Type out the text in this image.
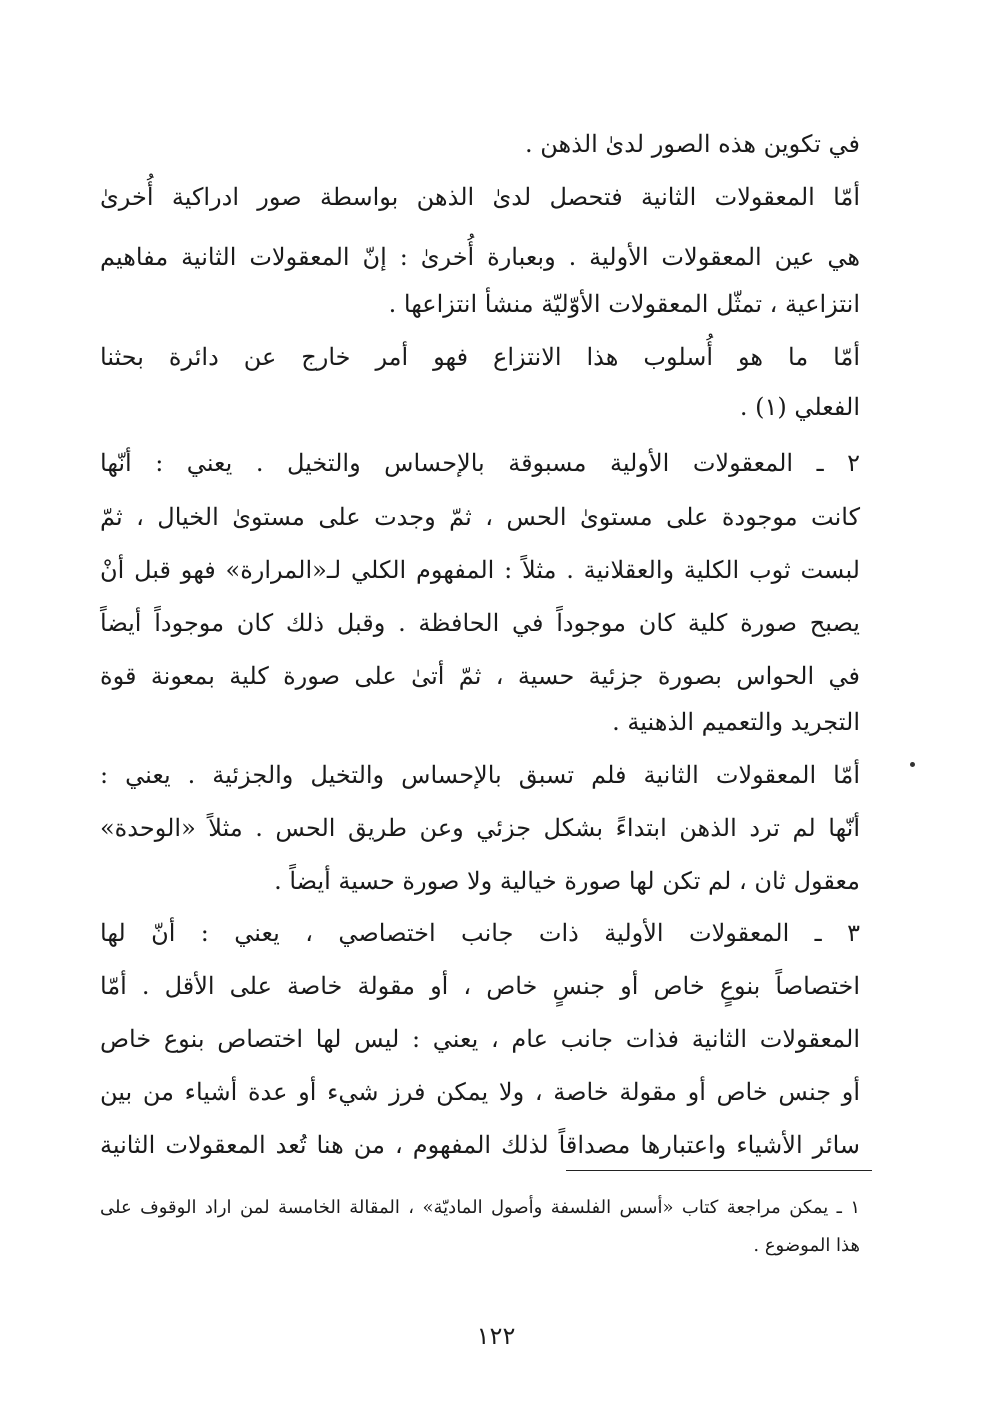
في تكوين هذه الصور لدىٰ الذهن .
أمّا المعقولات الثانية فتحصل لدىٰ الذهن بواسطة صور ادراكية أُخرىٰ
هي عين المعقولات الأولية . وبعبارة أُخرىٰ : إنّ المعقولات الثانية مفاهيم
انتزاعية ، تمثّل المعقولات الأوّليّة منشأ انتزاعها .
أمّا ما هو أُسلوب هذا الانتزاع فهو أمر خارج عن دائرة بحثنا
الفعلي (١) .
٢ ـ المعقولات الأولية مسبوقة بالإحساس والتخيل . يعني : أنّها
كانت موجودة على مستوىٰ الحس ، ثمّ وجدت على مستوىٰ الخيال ، ثمّ
لبست ثوب الكلية والعقلانية . مثلاً : المفهوم الكلي لـ«المرارة» فهو قبل أنْ
يصبح صورة كلية كان موجوداً في الحافظة . وقبل ذلك كان موجوداً أيضاً
في الحواس بصورة جزئية حسية ، ثمّ أتىٰ على صورة كلية بمعونة قوة
التجريد والتعميم الذهنية .
أمّا المعقولات الثانية فلم تسبق بالإحساس والتخيل والجزئية . يعني :
أنّها لم ترد الذهن ابتداءً بشكل جزئي وعن طريق الحس . مثلاً «الوحدة»
معقول ثان ، لم تكن لها صورة خيالية ولا صورة حسية أيضاً .
٣ ـ المعقولات الأولية ذات جانب اختصاصي ، يعني : أنّ لها
اختصاصاً بنوعٍ خاص أو جنسٍ خاص ، أو مقولة خاصة على الأقل . أمّا
المعقولات الثانية فذات جانب عام ، يعني : ليس لها اختصاص بنوع خاص
أو جنس خاص أو مقولة خاصة ، ولا يمكن فرز شيء أو عدة أشياء من بين
سائر الأشياء واعتبارها مصداقاً لذلك المفهوم ، من هنا تُعد المعقولات الثانية
١ ـ يمكن مراجعة كتاب «أسس الفلسفة وأصول الماديّة» ، المقالة الخامسة لمن اراد الوقوف على
هذا الموضوع .
١٢٢
